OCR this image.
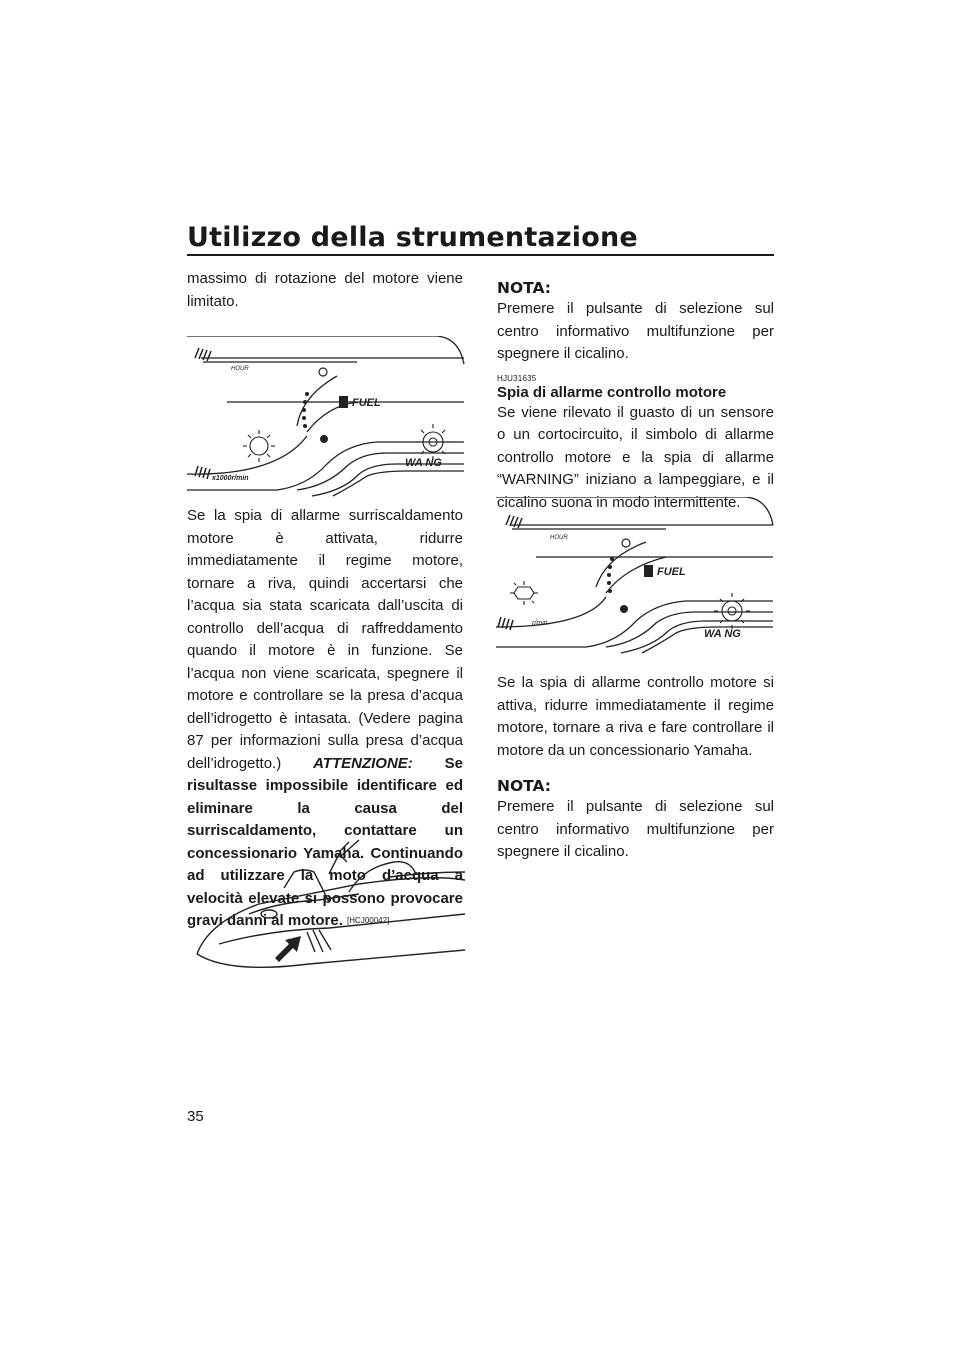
Utilizzo della strumentazione
35

massimo di rotazione del motore viene limitato.

FUEL
HOUR
x1000r/min
WA NG

Se la spia di allarme surriscaldamento motore è attivata, ridurre immediatamente il regime motore, tornare a riva, quindi accertarsi che l’acqua sia stata scaricata dall’uscita di controllo dell’acqua di raffreddamento quando il motore è in funzione. Se l’acqua non viene scaricata, spegnere il motore e controllare se la presa d’acqua dell’idrogetto è intasata. (Vedere pagina 87 per informazioni sulla presa d’acqua dell’idrogetto.) ATTENZIONE: Se risultasse impossibile identificare ed eliminare la causa del surriscaldamento, contattare un concessionario Yamaha. Continuando ad utilizzare la moto d’acqua a velocità elevate si possono provocare gravi danni al motore. [HCJ00042]

NOTA:

Premere il pulsante di selezione sul centro informativo multifunzione per spegnere il cicalino.

HJU31635
Spia di allarme controllo motore

Se viene rilevato il guasto di un sensore o un cortocircuito, il simbolo di allarme controllo motore e la spia di allarme “WARNING” iniziano a lampeggiare, e il cicalino suona in modo intermittente.

FUEL
HOUR
r/min
WA NG

Se la spia di allarme controllo motore si attiva, ridurre immediatamente il regime motore, tornare a riva e fare controllare il motore da un concessionario Yamaha.

NOTA:

Premere il pulsante di selezione sul centro informativo multifunzione per spegnere il cicalino.
